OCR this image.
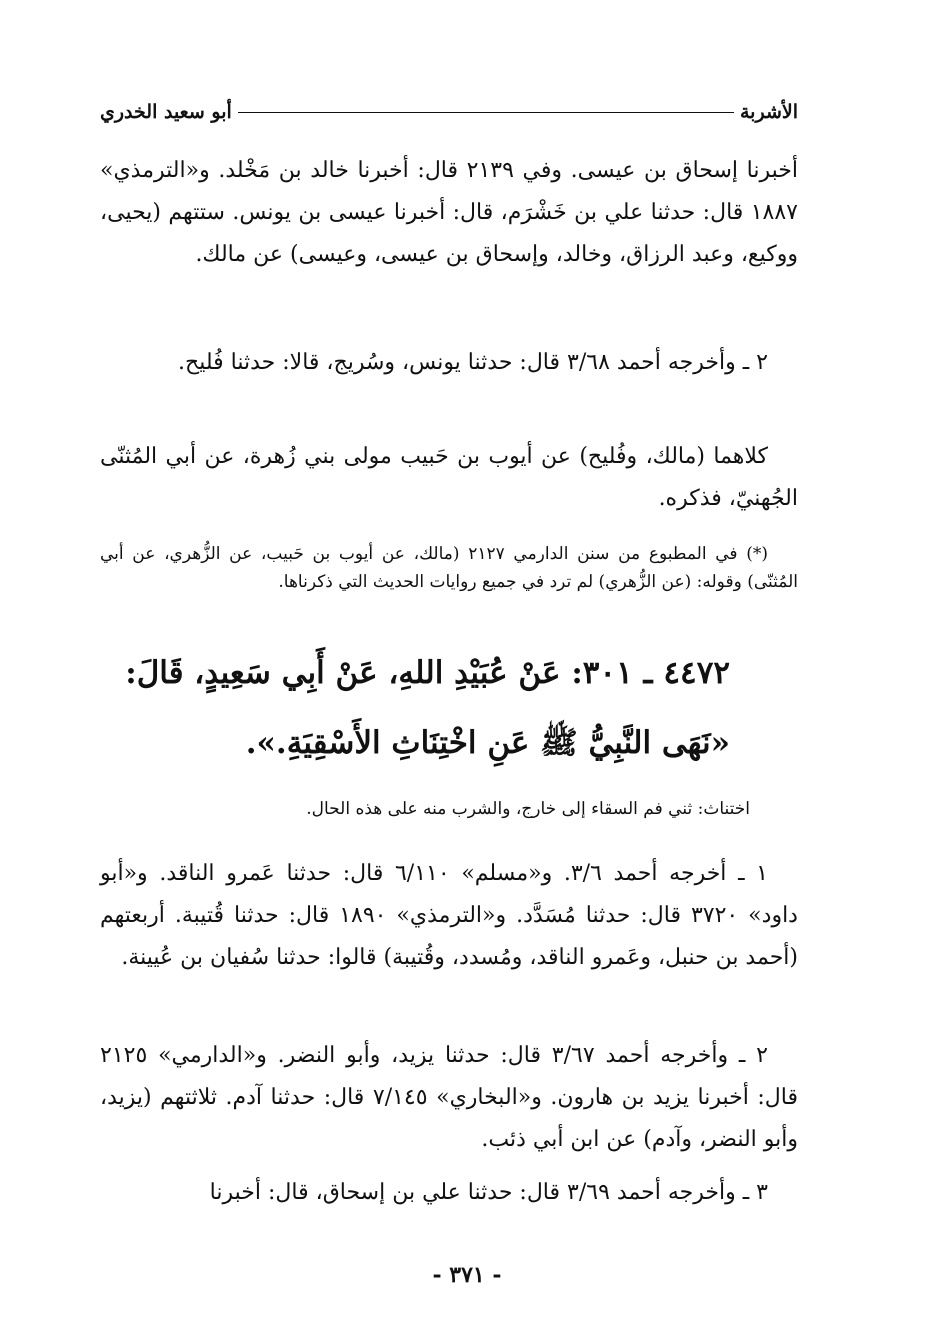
الأشربة
أبو سعيد الخدري

أخبرنا إسحاق بن عيسى. وفي ٢١٣٩ قال: أخبرنا خالد بن مَخْلد. و«الترمذي» ١٨٨٧ قال: حدثنا علي بن خَشْرَم، قال: أخبرنا عيسى بن يونس. ستتهم (يحيى، ووكيع، وعبد الرزاق، وخالد، وإسحاق بن عيسى، وعيسى) عن مالك.

٢ ـ وأخرجه أحمد ٣/٦٨ قال: حدثنا يونس، وسُريج، قالا: حدثنا فُليح.

كلاهما (مالك، وفُليح) عن أيوب بن حَبيب مولى بني زُهرة، عن أبي المُثنّى الجُهنيّ، فذكره.

(*) في المطبوع من سنن الدارمي ٢١٢٧ (مالك، عن أيوب بن حَبيب، عن الزُّهري، عن أبي المُثنّى) وقوله: (عن الزُّهري) لم ترد في جميع روايات الحديث التي ذكرناها.

٤٤٧٢ ـ ٣٠١: عَنْ عُبَيْدِ اللهِ، عَنْ أَبِي سَعِيدٍ، قَالَ:
«نَهَى النَّبِيُّ ﷺ عَنِ اخْتِنَاثِ الأَسْقِيَةِ.».

اختناث: ثني فم السقاء إلى خارج، والشرب منه على هذه الحال.

١ ـ أخرجه أحمد ٣/٦. و«مسلم» ٦/١١٠ قال: حدثنا عَمرو الناقد. و«أبو داود» ٣٧٢٠ قال: حدثنا مُسَدَّد. و«الترمذي» ١٨٩٠ قال: حدثنا قُتيبة. أربعتهم (أحمد بن حنبل، وعَمرو الناقد، ومُسدد، وقُتيبة) قالوا: حدثنا سُفيان بن عُيينة.

٢ ـ وأخرجه أحمد ٣/٦٧ قال: حدثنا يزيد، وأبو النضر. و«الدارمي» ٢١٢٥ قال: أخبرنا يزيد بن هارون. و«البخاري» ٧/١٤٥ قال: حدثنا آدم. ثلاثتهم (يزيد، وأبو النضر، وآدم) عن ابن أبي ذئب.

٣ ـ وأخرجه أحمد ٣/٦٩ قال: حدثنا علي بن إسحاق، قال: أخبرنا

- ٣٧١ -
